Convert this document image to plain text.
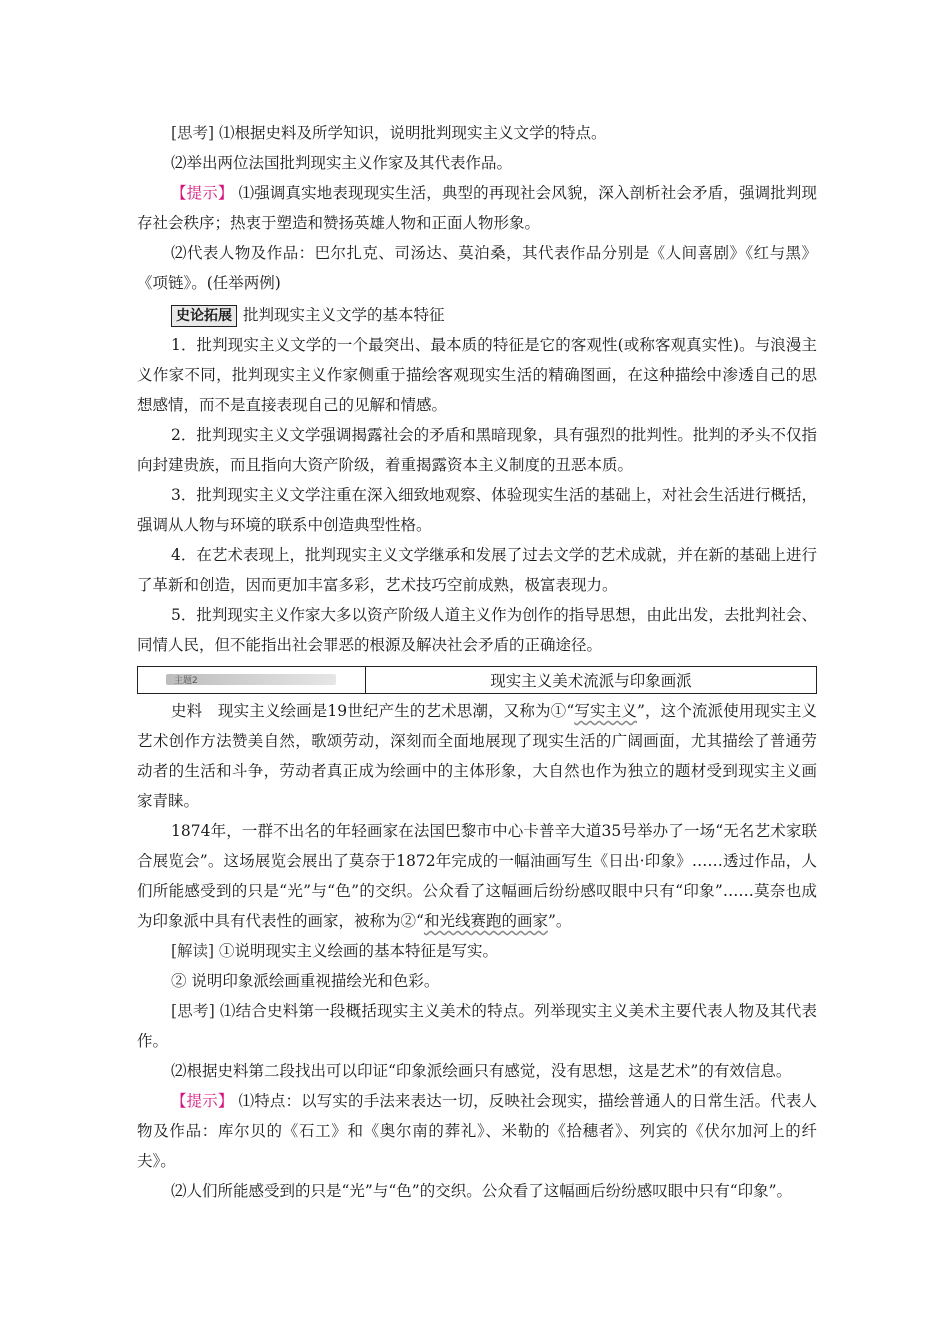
[思考] ⑴根据史料及所学知识，说明批判现实主义文学的特点。

⑵举出两位法国批判现实主义作家及其代表作品。

【提示】 ⑴强调真实地表现现实生活，典型的再现社会风貌，深入剖析社会矛盾，强调批判现存社会秩序；热衷于塑造和赞扬英雄人物和正面人物形象。

⑵代表人物及作品：巴尔扎克、司汤达、莫泊桑，其代表作品分别是《人间喜剧》《红与黑》《项链》。(任举两例)

史论拓展 批判现实主义文学的基本特征

1．批判现实主义文学的一个最突出、最本质的特征是它的客观性(或称客观真实性)。与浪漫主义作家不同，批判现实主义作家侧重于描绘客观现实生活的精确图画，在这种描绘中渗透自己的思想感情，而不是直接表现自己的见解和情感。

2．批判现实主义文学强调揭露社会的矛盾和黑暗现象，具有强烈的批判性。批判的矛头不仅指向封建贵族，而且指向大资产阶级，着重揭露资本主义制度的丑恶本质。

3．批判现实主义文学注重在深入细致地观察、体验现实生活的基础上，对社会生活进行概括，强调从人物与环境的联系中创造典型性格。

4．在艺术表现上，批判现实主义文学继承和发展了过去文学的艺术成就，并在新的基础上进行了革新和创造，因而更加丰富多彩，艺术技巧空前成熟，极富表现力。

5．批判现实主义作家大多以资产阶级人道主义作为创作的指导思想，由此出发，去批判社会、同情人民，但不能指出社会罪恶的根源及解决社会矛盾的正确途径。

主题2	现实主义美术流派与印象画派

史料　现实主义绘画是19世纪产生的艺术思潮，又称为①“写实主义”，这个流派使用现实主义艺术创作方法赞美自然，歌颂劳动，深刻而全面地展现了现实生活的广阔画面，尤其描绘了普通劳动者的生活和斗争，劳动者真正成为绘画中的主体形象，大自然也作为独立的题材受到现实主义画家青睐。

1874年，一群不出名的年轻画家在法国巴黎市中心卡普辛大道35号举办了一场“无名艺术家联合展览会”。这场展览会展出了莫奈于1872年完成的一幅油画写生《日出·印象》……透过作品，人们所能感受到的只是“光”与“色”的交织。公众看了这幅画后纷纷感叹眼中只有“印象”……莫奈也成为印象派中具有代表性的画家，被称为②“和光线赛跑的画家”。

[解读] ①说明现实主义绘画的基本特征是写实。

② 说明印象派绘画重视描绘光和色彩。

[思考] ⑴结合史料第一段概括现实主义美术的特点。列举现实主义美术主要代表人物及其代表作。

⑵根据史料第二段找出可以印证“印象派绘画只有感觉，没有思想，这是艺术”的有效信息。

【提示】 ⑴特点：以写实的手法来表达一切，反映社会现实，描绘普通人的日常生活。代表人物及作品：库尔贝的《石工》和《奥尔南的葬礼》、米勒的《拾穗者》、列宾的《伏尔加河上的纤夫》。

⑵人们所能感受到的只是“光”与“色”的交织。公众看了这幅画后纷纷感叹眼中只有“印象”。
